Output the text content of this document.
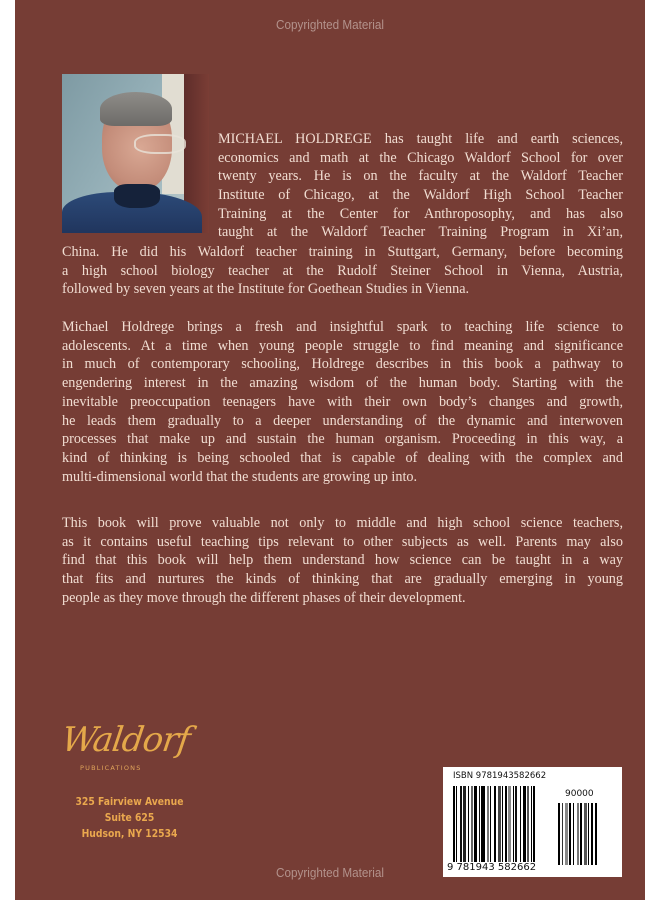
Copyrighted Material

MICHAEL HOLDREGE has taught life and earth sciences,
economics and math at the Chicago Waldorf School for over
twenty years. He is on the faculty at the Waldorf Teacher
Institute of Chicago, at the Waldorf High School Teacher
Training at the Center for Anthroposophy, and has also

taught at the Waldorf Teacher Training Program in Xi’an,

China. He did his Waldorf teacher training in Stuttgart, Germany, before becoming
a high school biology teacher at the Rudolf Steiner School in Vienna, Austria,
followed by seven years at the Institute for Goethean Studies in Vienna.

Michael Holdrege brings a fresh and insightful spark to teaching life science to
adolescents. At a time when young people struggle to find meaning and significance
in much of contemporary schooling, Holdrege describes in this book a pathway to
engendering interest in the amazing wisdom of the human body. Starting with the
inevitable preoccupation teenagers have with their own body’s changes and growth,
he leads them gradually to a deeper understanding of the dynamic and interwoven
processes that make up and sustain the human organism. Proceeding in this way, a
kind of thinking is being schooled that is capable of dealing with the complex and
multi-dimensional world that the students are growing up into.

This book will prove valuable not only to middle and high school science teachers,
as it contains useful teaching tips relevant to other subjects as well. Parents may also
find that this book will help them understand how science can be taught in a way
that fits and nurtures the kinds of thinking that are gradually emerging in young
people as they move through the different phases of their development.

Waldorf
PUBLICATIONS
325 Fairview Avenue
Suite 625
Hudson, NY 12534
ISBN 9781943582662
90000
9 781943 582662
Copyrighted Material
